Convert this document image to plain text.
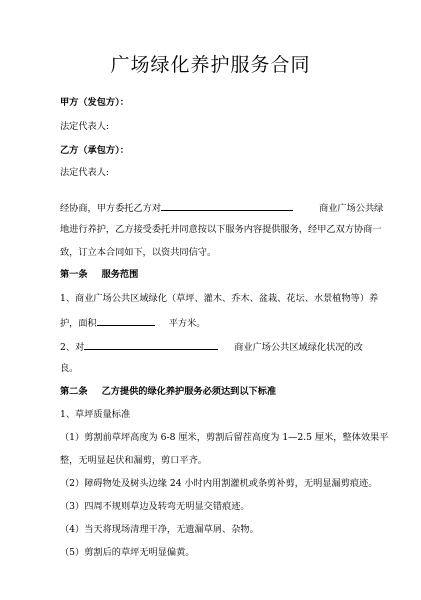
广场绿化养护服务合同
甲方（发包方）：
法定代表人:
乙方（承包方）：
法定代表人:
经协商，甲方委托乙方对	商业广场公共绿
地进行养护，乙方接受委托并同意按以下服务内容提供服务，经甲乙双方协商一
致，订立本合同如下，以资共同信守。
第一条 服务范围
1、商业广场公共区域绿化（草坪、灌木、乔木、盆栽、花坛、水景植物等）养
护，面积	平方米。
2、对	商业广场公共区域绿化状况的改
良。
第二条 乙方提供的绿化养护服务必须达到以下标准
1、草坪质量标准
（1）剪割前草坪高度为 6-8 厘米，剪割后留茬高度为 1—2.5 厘米，整体效果平
整，无明显起伏和漏剪，剪口平齐。
（2）障碍物处及树头边缘 24 小时内用割灌机或条剪补剪，无明显漏剪痕迹。
（3）四周不规则草边及转弯无明显交错痕迹。
（4）当天将现场清理干净，无遗漏草屑、杂物。
（5）剪割后的草坪无明显偏黄。
